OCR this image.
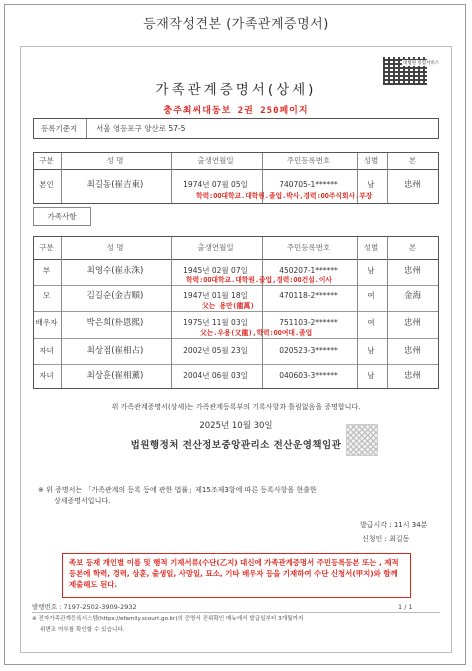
등재작성견본 (가족관계증명서)
대법원 통합서비스
가족관계증명서(상세)
충주최씨대동보 2권 250페이지
등록기준지	서울 영등포구 양산로 57-5
구분	성 명	출생연월일	주민등록번호	성별	본
본인	최길동(崔吉東)	1974년 07월 05일	740705-1******	남	忠州
학력:OO대학교.대학원.졸업.박사,경력:OO주식회사.부장
가족사항
구분	성 명	출생연월일	주민등록번호	성별	본
부	최영수(崔永洙)	1945년 02월 07일	450207-1******	남	忠州
학력:OO대학교.대학원.졸업,경력:OO건설.이사
모	김길순(金吉順)	1947년 01월 18일	470118-2******	여	金海
父는 용만(龍萬)
배우자	박은희(朴恩熙)	1975년 11월 03일	751103-2******	여	忠州
父는.우용(又龍),학력:OO여대.졸업
자녀	최상점(崔相占)	2002년 05월 23일	020523-3******	남	忠州
자녀	최상훈(崔相薰)	2004년 06월 03일	040603-3******	남	忠州
위 가족관계증명서(상세)는 가족관계등록부의 기록사항과 틀림없음을 증명합니다.
2025년 10월 30일
법원행정처 전산정보중앙관리소 전산운영책임관
※ 위 증명서는 「가족관계의 등록 등에 관한 법률」제15조제3항에 따른 등록사항을 현출한
상세증명서입니다.
발급시각 : 11시 34분
신청인 : 최길동
족보 등재 개인별 이름 및 행적 기재서류(수단(乙지) 대신에 가족관계증명서 주민등록등본 또는 , 제적등본에 학력, 경력, 상훈, 출생일, 사망일, 묘소, 기타 배우자 등을 기재하여 수단 신청서(甲지)와 함께 제출해도 된다.
발행번호 : 7197-2502-3909-2932	1 / 1
※ 전자가족관계등록시스템(https://efamily.scourt.go.kr)의 증명서 진위확인 메뉴에서 발급일부터 3개월까지
위변조 여부를 확인할 수 있습니다.
